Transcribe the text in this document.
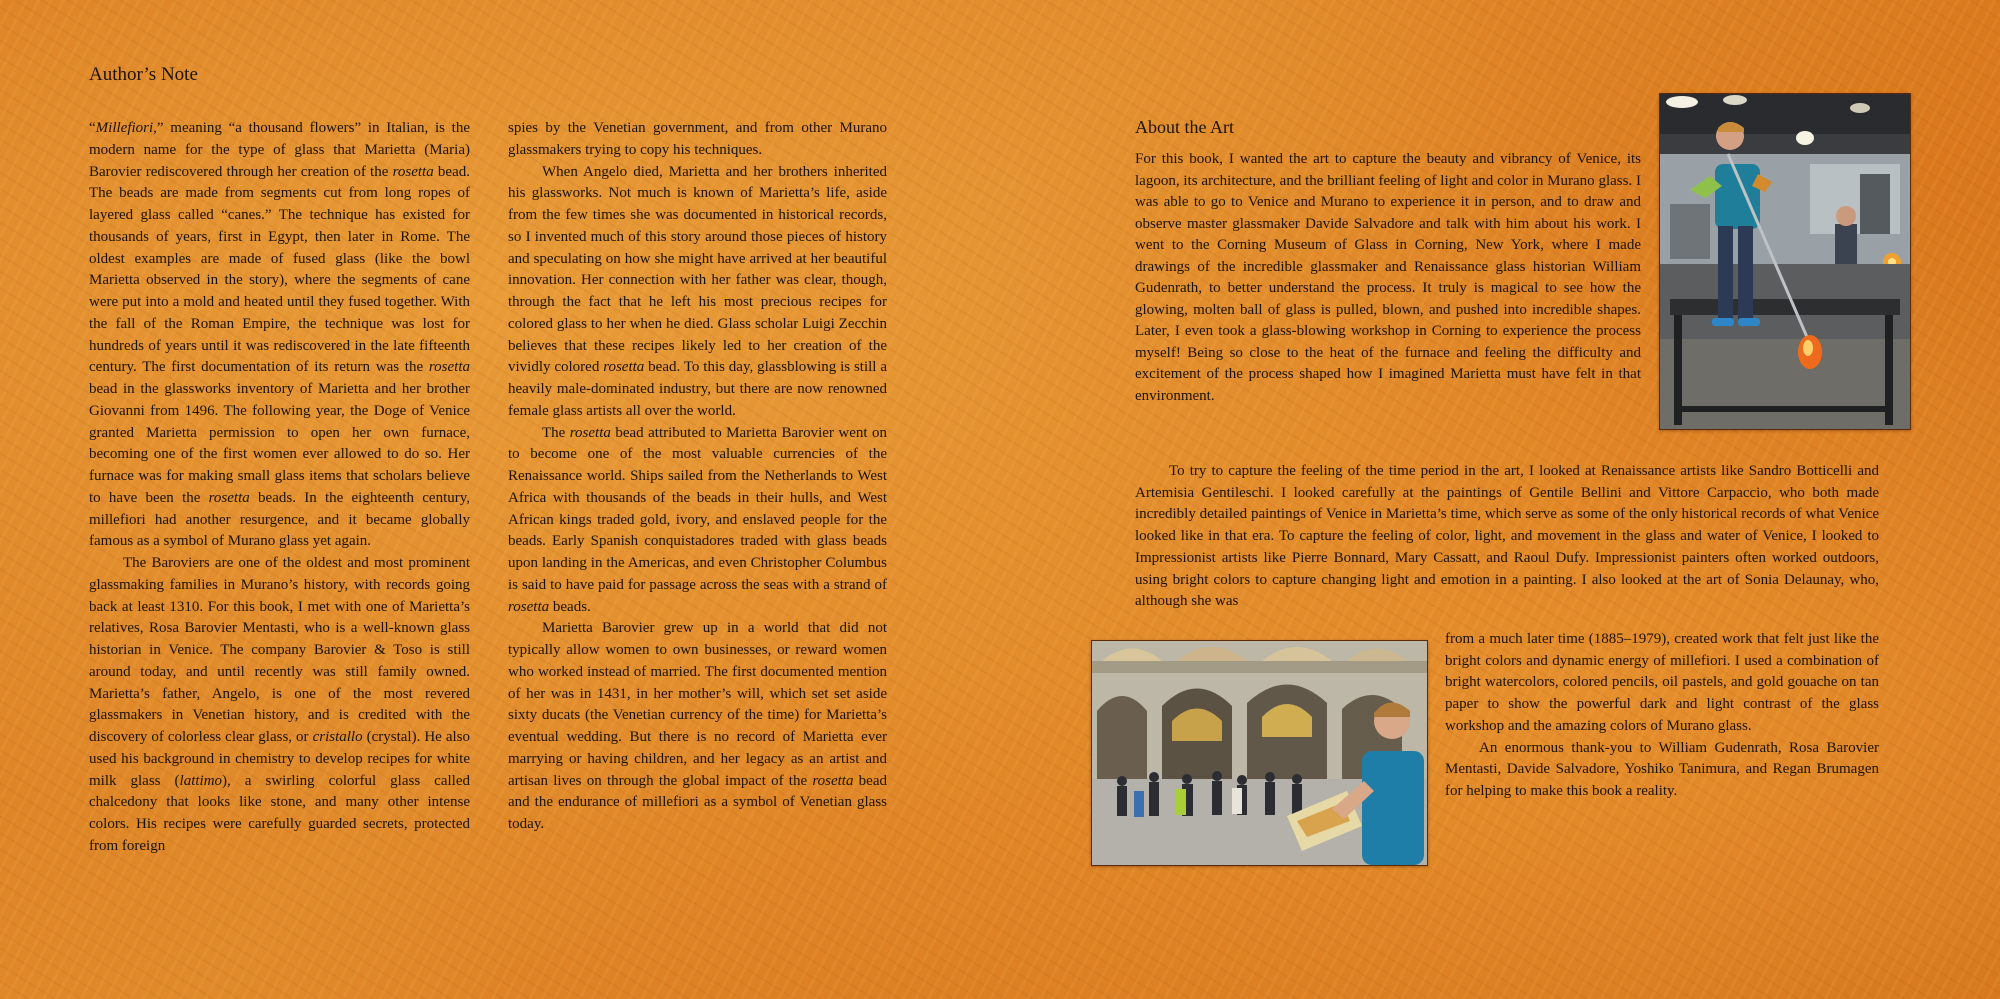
Author’s Note

“Millefiori,” meaning “a thousand flowers” in Italian, is the modern name for the type of glass that Marietta (Maria) Barovier rediscovered through her creation of the rosetta bead. The beads are made from segments cut from long ropes of layered glass called “canes.” The technique has existed for thousands of years, first in Egypt, then later in Rome. The oldest examples are made of fused glass (like the bowl Marietta observed in the story), where the segments of cane were put into a mold and heated until they fused together. With the fall of the Roman Empire, the technique was lost for hundreds of years until it was rediscovered in the late fifteenth century. The first documentation of its return was the rosetta bead in the glassworks inventory of Marietta and her brother Giovanni from 1496. The following year, the Doge of Venice granted Marietta permission to open her own furnace, becoming one of the first women ever allowed to do so. Her furnace was for making small glass items that scholars believe to have been the rosetta beads. In the eighteenth century, millefiori had another resurgence, and it became globally famous as a symbol of Murano glass yet again.

The Baroviers are one of the oldest and most prominent glassmaking families in Murano’s history, with records going back at least 1310. For this book, I met with one of Marietta’s relatives, Rosa Barovier Mentasti, who is a well-known glass historian in Venice. The company Barovier & Toso is still around today, and until recently was still family owned. Marietta’s father, Angelo, is one of the most revered glassmakers in Venetian history, and is credited with the discovery of colorless clear glass, or cristallo (crystal). He also used his background in chemistry to develop recipes for white milk glass (lattimo), a swirling colorful glass called chalcedony that looks like stone, and many other intense colors. His recipes were carefully guarded secrets, protected from foreign

spies by the Venetian government, and from other Murano glassmakers trying to copy his techniques.

When Angelo died, Marietta and her brothers inherited his glassworks. Not much is known of Marietta’s life, aside from the few times she was documented in historical records, so I invented much of this story around those pieces of history and speculating on how she might have arrived at her beautiful innovation. Her connection with her father was clear, though, through the fact that he left his most precious recipes for colored glass to her when he died. Glass scholar Luigi Zecchin believes that these recipes likely led to her creation of the vividly colored rosetta bead. To this day, glassblowing is still a heavily male-dominated industry, but there are now renowned female glass artists all over the world.

The rosetta bead attributed to Marietta Barovier went on to become one of the most valuable currencies of the Renaissance world. Ships sailed from the Netherlands to West Africa with thousands of the beads in their hulls, and West African kings traded gold, ivory, and enslaved people for the beads. Early Spanish conquistadores traded with glass beads upon landing in the Americas, and even Christopher Columbus is said to have paid for passage across the seas with a strand of rosetta beads.

Marietta Barovier grew up in a world that did not typically allow women to own businesses, or reward women who worked instead of married. The first documented mention of her was in 1431, in her mother’s will, which set set aside sixty ducats (the Venetian currency of the time) for Marietta’s eventual wedding. But there is no record of Marietta ever marrying or having children, and her legacy as an artist and artisan lives on through the global impact of the rosetta bead and the endurance of millefiori as a symbol of Venetian glass today.

About the Art

For this book, I wanted the art to capture the beauty and vibrancy of Venice, its lagoon, its architecture, and the brilliant feeling of light and color in Murano glass. I was able to go to Venice and Murano to experience it in person, and to draw and observe master glassmaker Davide Salvadore and talk with him about his work. I went to the Corning Museum of Glass in Corning, New York, where I made drawings of the incredible glassmaker and Renaissance glass historian William Gudenrath, to better understand the process. It truly is magical to see how the glowing, molten ball of glass is pulled, blown, and pushed into incredible shapes. Later, I even took a glass-blowing workshop in Corning to experience the process myself! Being so close to the heat of the furnace and feeling the difficulty and excitement of the process shaped how I imagined Marietta must have felt in that environment.

To try to capture the feeling of the time period in the art, I looked at Renaissance artists like Sandro Botticelli and Artemisia Gentileschi. I looked carefully at the paintings of Gentile Bellini and Vittore Carpaccio, who both made incredibly detailed paintings of Venice in Marietta’s time, which serve as some of the only historical records of what Venice looked like in that era. To capture the feeling of color, light, and movement in the glass and water of Venice, I looked to Impressionist artists like Pierre Bonnard, Mary Cassatt, and Raoul Dufy. Impressionist painters often worked outdoors, using bright colors to capture changing light and emotion in a painting. I also looked at the art of Sonia Delaunay, who, although she was

from a much later time (1885–1979), created work that felt just like the bright colors and dynamic energy of millefiori. I used a combination of bright watercolors, colored pencils, oil pastels, and gold gouache on tan paper to show the powerful dark and light contrast of the glass workshop and the amazing colors of Murano glass.

An enormous thank-you to William Gudenrath, Rosa Barovier Mentasti, Davide Salvadore, Yoshiko Tanimura, and Regan Brumagen for helping to make this book a reality.
